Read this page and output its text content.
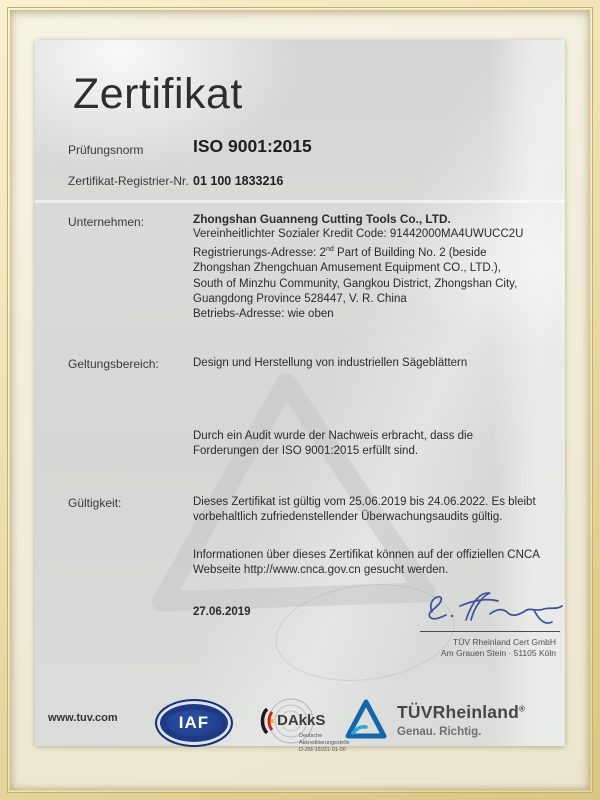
Zertifikat
Prüfungsnorm	ISO 9001:2015
Zertifikat-Registrier-Nr. 01 100 1833216
Unternehmen:	Zhongshan Guanneng Cutting Tools Co., LTD.
Vereinheitlichter Sozialer Kredit Code: 91442000MA4UWUCC2U
Registrierungs-Adresse: 2nd Part of Building No. 2 (beside
Zhongshan Zhengchuan Amusement Equipment CO., LTD.),
South of Minzhu Community, Gangkou District, Zhongshan City,
Guangdong Province 528447, V. R. China
Betriebs-Adresse: wie oben
Geltungsbereich:	Design und Herstellung von industriellen Sägeblättern
Durch ein Audit wurde der Nachweis erbracht, dass die Forderungen der ISO 9001:2015 erfüllt sind.
Gültigkeit:	Dieses Zertifikat ist gültig vom 25.06.2019 bis 24.06.2022. Es bleibt vorbehaltlich zufriedenstellender Überwachungsaudits gültig.
Informationen über dieses Zertifikat können auf der offiziellen CNCA Webseite http://www.cnca.gov.cn gesucht werden.
27.06.2019
TÜV Rheinland Cert GmbH
Am Grauen Stein · 51105 Köln
www.tuv.com	IAF	DAkkS
Deutsche
Akkreditierungsstelle
D-ZM-16031-01-00
TÜVRheinland®
Genau. Richtig.
